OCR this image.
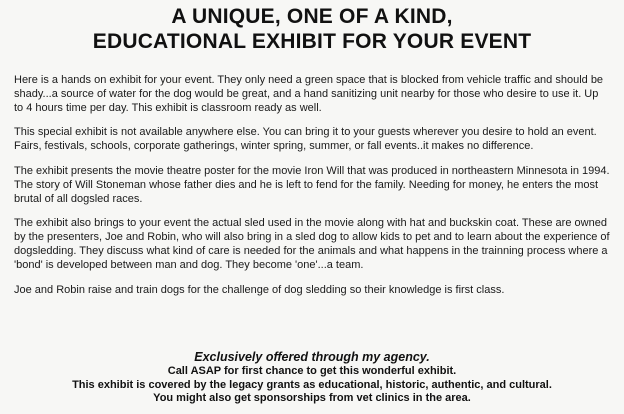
A UNIQUE, ONE OF A KIND,
EDUCATIONAL EXHIBIT FOR YOUR EVENT

Here is a hands on exhibit for your event. They only need a green space that is blocked from vehicle traffic and should be shady...a source of water for the dog would be great, and a hand sanitizing unit nearby for those who desire to use it. Up to 4 hours time per day. This exhibit is classroom ready as well.

This special exhibit is not available anywhere else. You can bring it to your guests wherever you desire to hold an event. Fairs, festivals, schools, corporate gatherings, winter spring, summer, or fall events..it makes no difference.

The exhibit presents the movie theatre poster for the movie Iron Will that was produced in northeastern Minnesota in 1994. The story of Will Stoneman whose father dies and he is left to fend for the family. Needing for money, he enters the most brutal of all dogsled races.

The exhibit also brings to your event the actual sled used in the movie along with hat and buckskin coat. These are owned by the presenters, Joe and Robin, who will also bring in a sled dog to allow kids to pet and to learn about the experience of dogsledding. They discuss what kind of care is needed for the animals and what happens in the trainning process where a 'bond' is developed between man and dog. They become 'one'...a team.

Joe and Robin raise and train dogs for the challenge of dog sledding so their knowledge is first class.

Exclusively offered through my agency.
Call ASAP for first chance to get this wonderful exhibit.
This exhibit is covered by the legacy grants as educational, historic, authentic, and cultural.
You might also get sponsorships from vet clinics in the area.
